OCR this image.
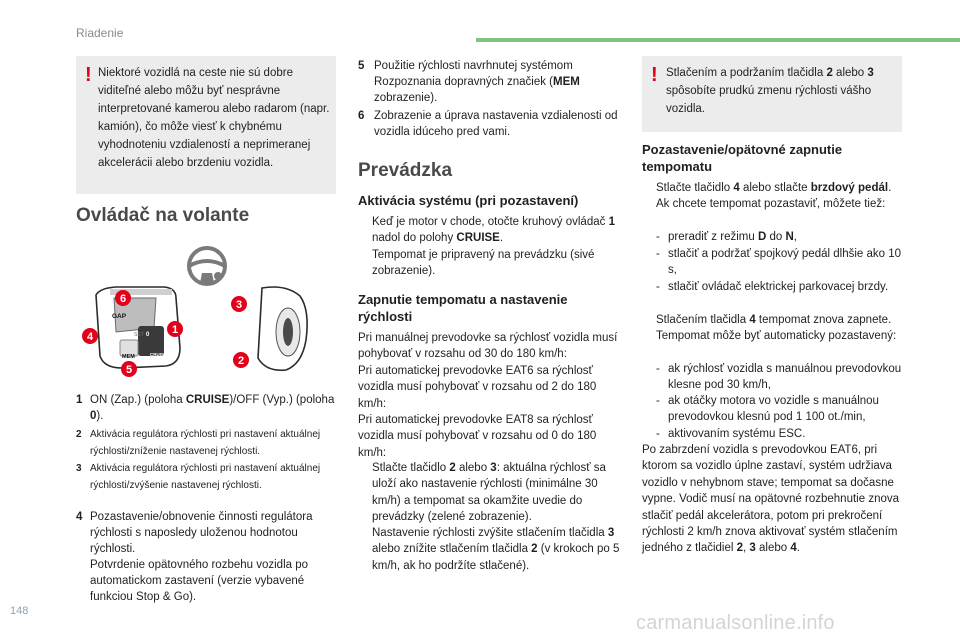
Riadenie
148
carmanualsonline.info
! Niektoré vozidlá na ceste nie sú dobre viditeľné alebo môžu byť nesprávne interpretované kamerou alebo radarom (napr. kamión), čo môže viesť k chybnému vyhodnoteniu vzdialeností a neprimeranej akcelerácii alebo brzdeniu vozidla.
Ovládač na volante
GAP
MEM
SET
CRUISE
0
6
4
1
5
3
2
1 ON (Zap.) (poloha CRUISE)/OFF (Vyp.) (poloha 0).
2 Aktivácia regulátora rýchlosti pri nastavení aktuálnej rýchlosti/zníženie nastavenej rýchlosti.
3 Aktivácia regulátora rýchlosti pri nastavení aktuálnej rýchlosti/zvýšenie nastavenej rýchlosti.
4 Pozastavenie/obnovenie činnosti regulátora rýchlosti s naposledy uloženou hodnotou rýchlosti.
Potvrdenie opätovného rozbehu vozidla po automatickom zastavení (verzie vybavené funkciou Stop & Go).
5 Použitie rýchlosti navrhnutej systémom Rozpoznania dopravných značiek (MEM zobrazenie).
6 Zobrazenie a úprava nastavenia vzdialenosti od vozidla idúceho pred vami.
Prevádzka
Aktivácia systému (pri pozastavení)
Keď je motor v chode, otočte kruhový ovládač 1 nadol do polohy CRUISE.
Tempomat je pripravený na prevádzku (sivé zobrazenie).
Zapnutie tempomatu a nastavenie rýchlosti
Pri manuálnej prevodovke sa rýchlosť vozidla musí pohybovať v rozsahu od 30 do 180 km/h:
Pri automatickej prevodovke EAT6 sa rýchlosť vozidla musí pohybovať v rozsahu od 2 do 180 km/h:
Pri automatickej prevodovke EAT8 sa rýchlosť vozidla musí pohybovať v rozsahu od 0 do 180 km/h:
Stlačte tlačidlo 2 alebo 3: aktuálna rýchlosť sa uloží ako nastavenie rýchlosti (minimálne 30 km/h) a tempomat sa okamžite uvedie do prevádzky (zelené zobrazenie).
Nastavenie rýchlosti zvýšite stlačením tlačidla 3 alebo znížite stlačením tlačidla 2 (v krokoch po 5 km/h, ak ho podržíte stlačené).
! Stlačením a podržaním tlačidla 2 alebo 3 spôsobíte prudkú zmenu rýchlosti vášho vozidla.
Pozastavenie/opätovné zapnutie tempomatu
Stlačte tlačidlo 4 alebo stlačte brzdový pedál. Ak chcete tempomat pozastaviť, môžete tiež:
- preradiť z režimu D do N,
- stlačiť a podržať spojkový pedál dlhšie ako 10 s,
- stlačiť ovládač elektrickej parkovacej brzdy.
Stlačením tlačidla 4 tempomat znova zapnete. Tempomat môže byť automaticky pozastavený:
- ak rýchlosť vozidla s manuálnou prevodovkou klesne pod 30 km/h,
- ak otáčky motora vo vozidle s manuálnou prevodovkou klesnú pod 1 100 ot./min,
- aktivovaním systému ESC.
Po zabrzdení vozidla s prevodovkou EAT6, pri ktorom sa vozidlo úplne zastaví, systém udržiava vozidlo v nehybnom stave; tempomat sa dočasne vypne. Vodič musí na opätovné rozbehnutie znova stlačiť pedál akcelerátora, potom pri prekročení rýchlosti 2 km/h znova aktivovať systém stlačením jedného z tlačidiel 2, 3 alebo 4.
